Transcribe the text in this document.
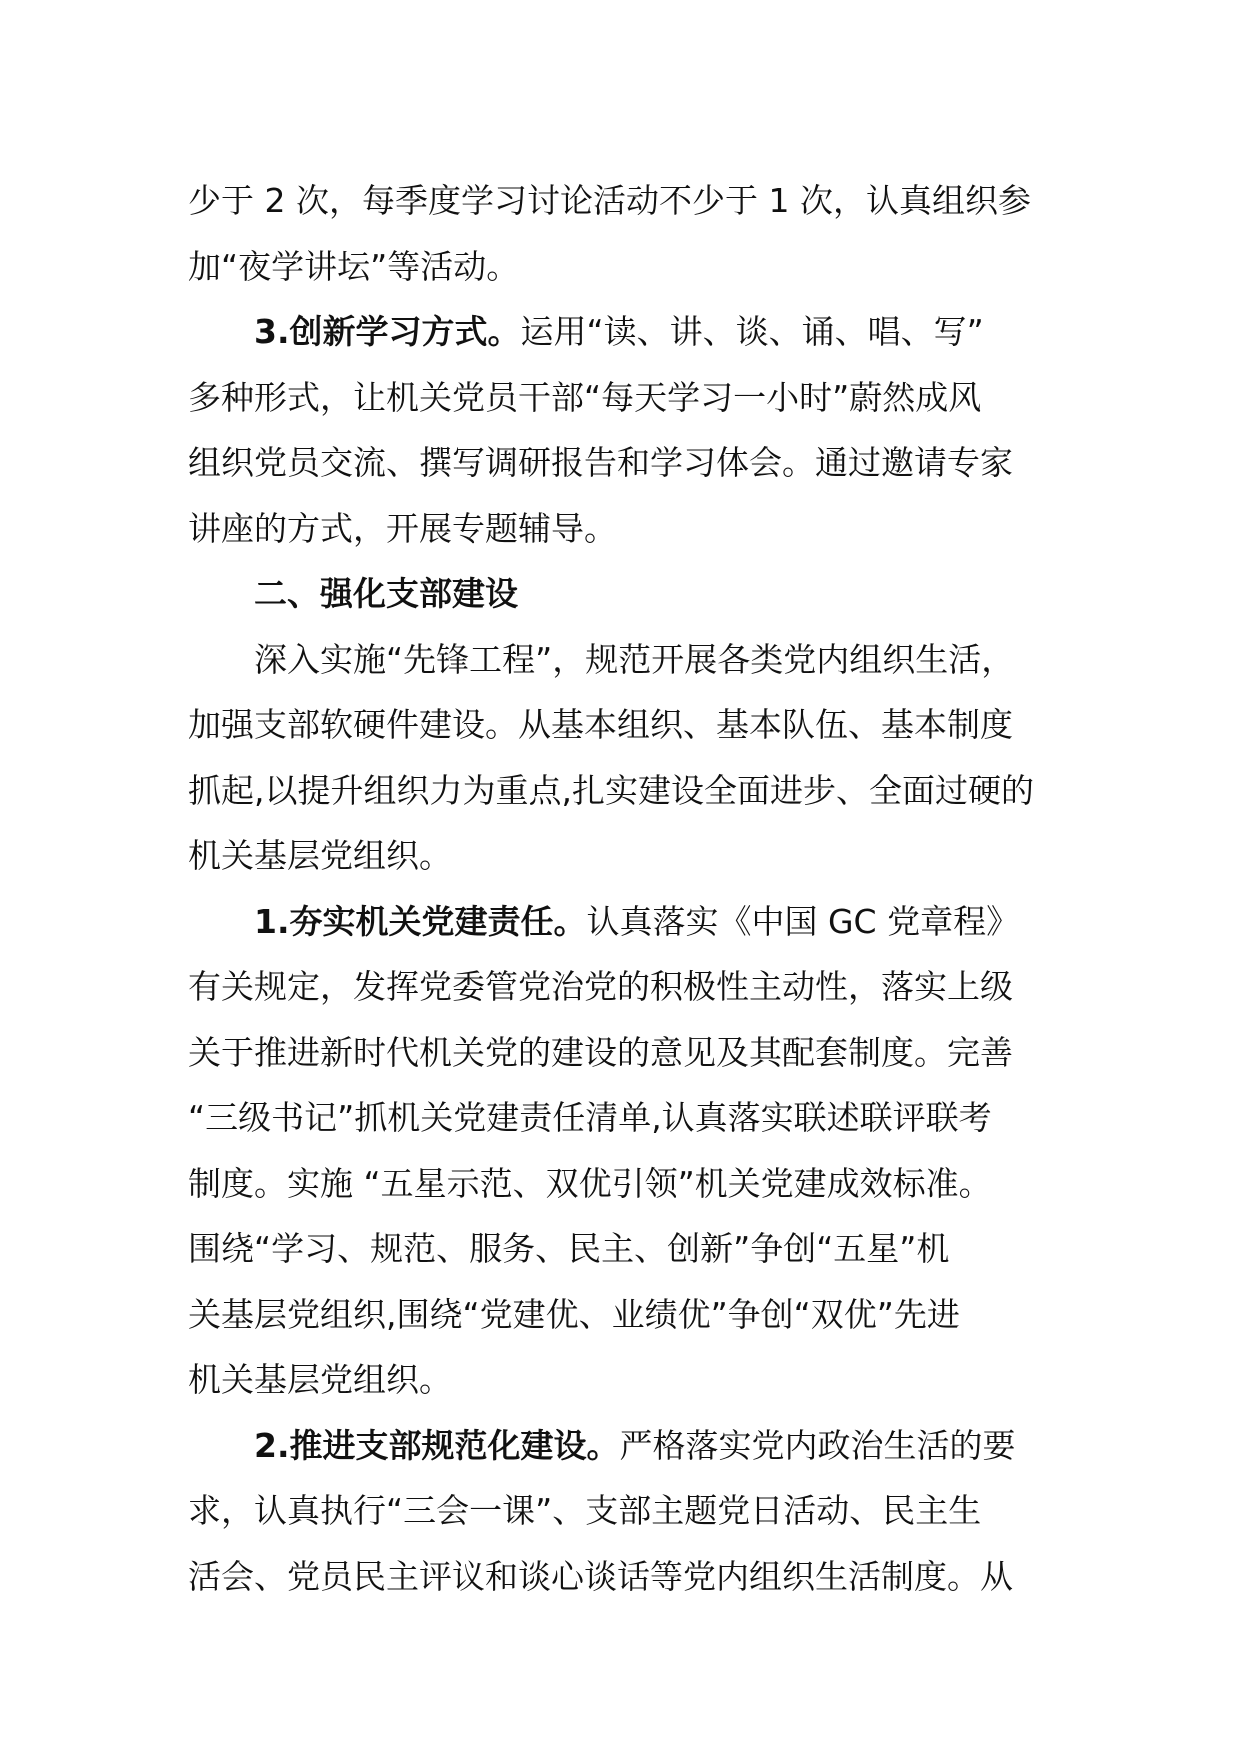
少于 2 次，每季度学习讨论活动不少于 1 次，认真组织参
加“夜学讲坛”等活动。
3.创新学习方式。运用“读、讲、谈、诵、唱、写”
多种形式，让机关党员干部“每天学习一小时”蔚然成风
组织党员交流、撰写调研报告和学习体会。通过邀请专家
讲座的方式，开展专题辅导。
二、强化支部建设
深入实施“先锋工程”，规范开展各类党内组织生活，
加强支部软硬件建设。从基本组织、基本队伍、基本制度
抓起,以提升组织力为重点,扎实建设全面进步、全面过硬的
机关基层党组织。
1.夯实机关党建责任。认真落实《中国 GC 党章程》
有关规定，发挥党委管党治党的积极性主动性，落实上级
关于推进新时代机关党的建设的意见及其配套制度。完善
“三级书记”抓机关党建责任清单,认真落实联述联评联考
制度。实施 “五星示范、双优引领”机关党建成效标准。
围绕“学习、规范、服务、民主、创新”争创“五星”机
关基层党组织,围绕“党建优、业绩优”争创“双优”先进
机关基层党组织。
2.推进支部规范化建设。严格落实党内政治生活的要
求，认真执行“三会一课”、支部主题党日活动、民主生
活会、党员民主评议和谈心谈话等党内组织生活制度。从
